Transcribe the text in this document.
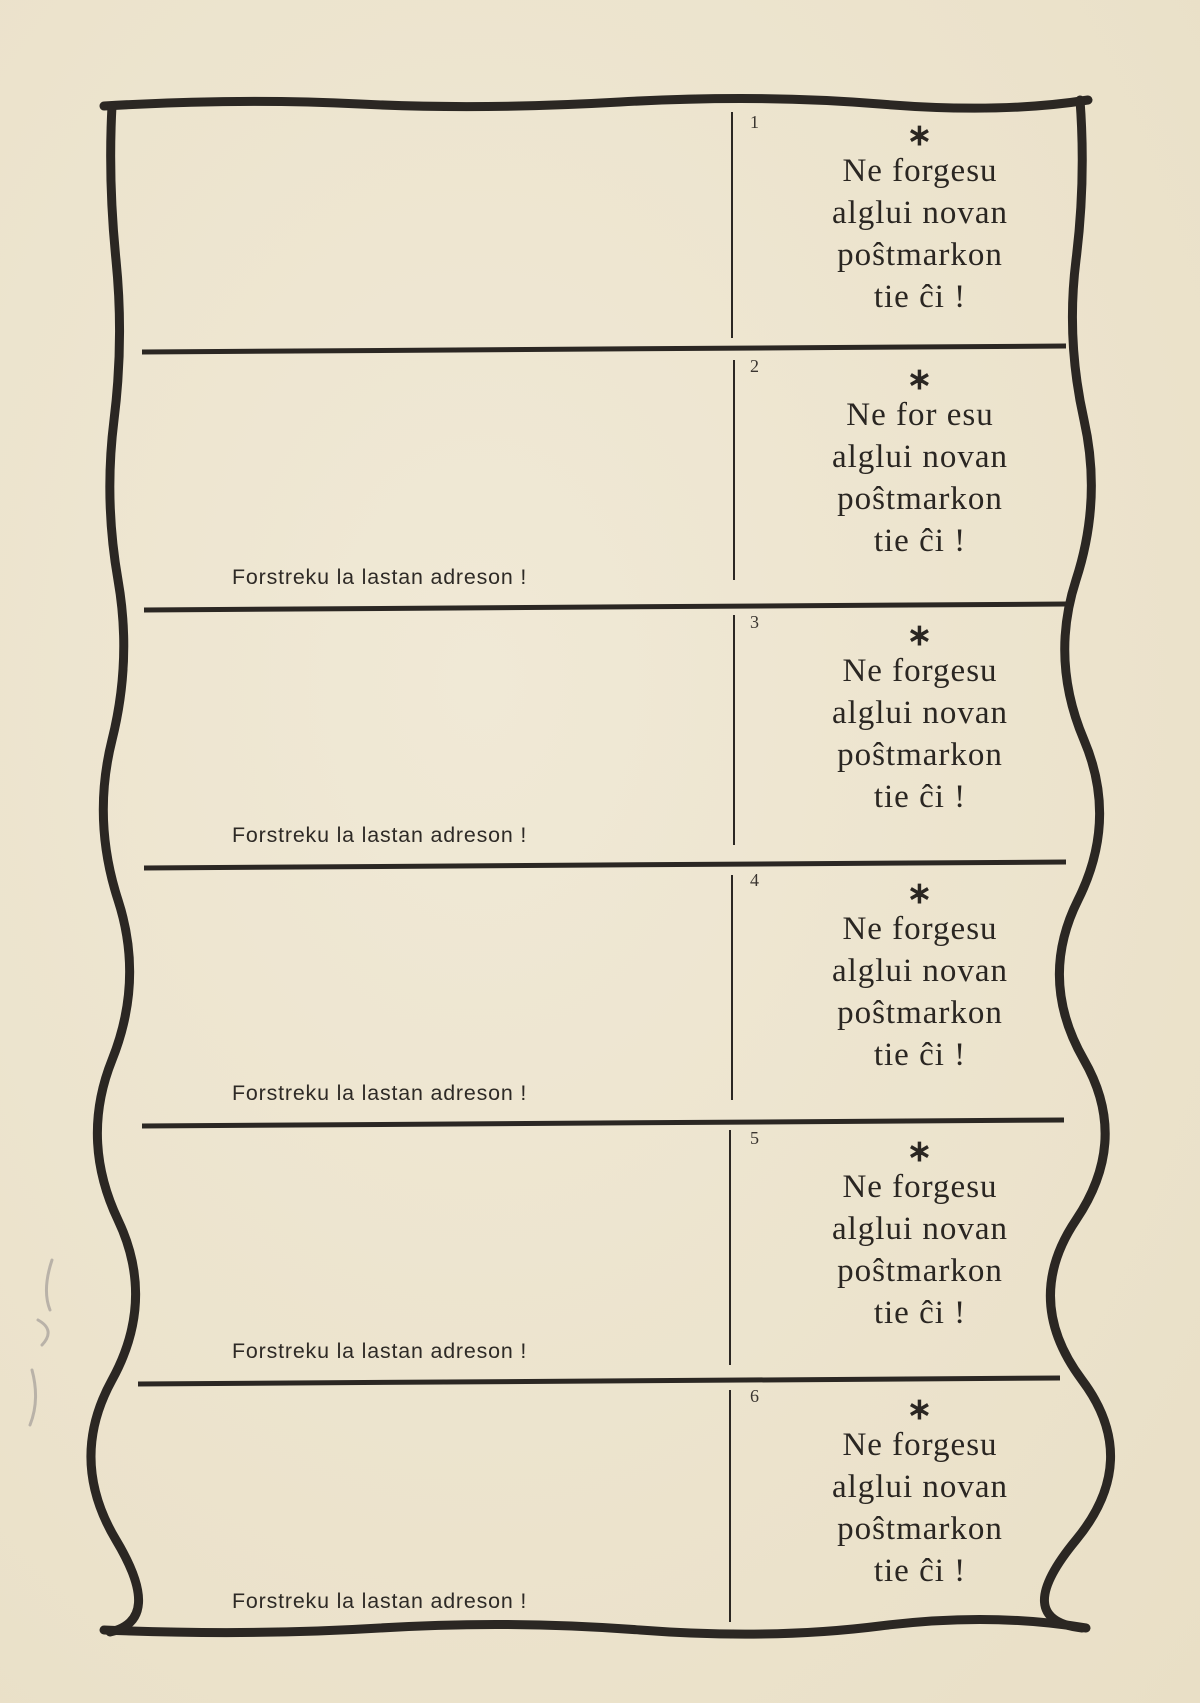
1	∗
Ne forgesu
alglui novan
poŝtmarkon
tie ĉi !
2	∗
Ne for esu
alglui novan
poŝtmarkon
tie ĉi !
Forstreku la lastan adreson !
3	∗
Ne forgesu
alglui novan
poŝtmarkon
tie ĉi !
Forstreku la lastan adreson !
4	∗
Ne forgesu
alglui novan
poŝtmarkon
tie ĉi !
Forstreku la lastan adreson !
5	∗
Ne forgesu
alglui novan
poŝtmarkon
tie ĉi !
Forstreku la lastan adreson !
6	∗
Ne forgesu
alglui novan
poŝtmarkon
tie ĉi !
Forstreku la lastan adreson !
